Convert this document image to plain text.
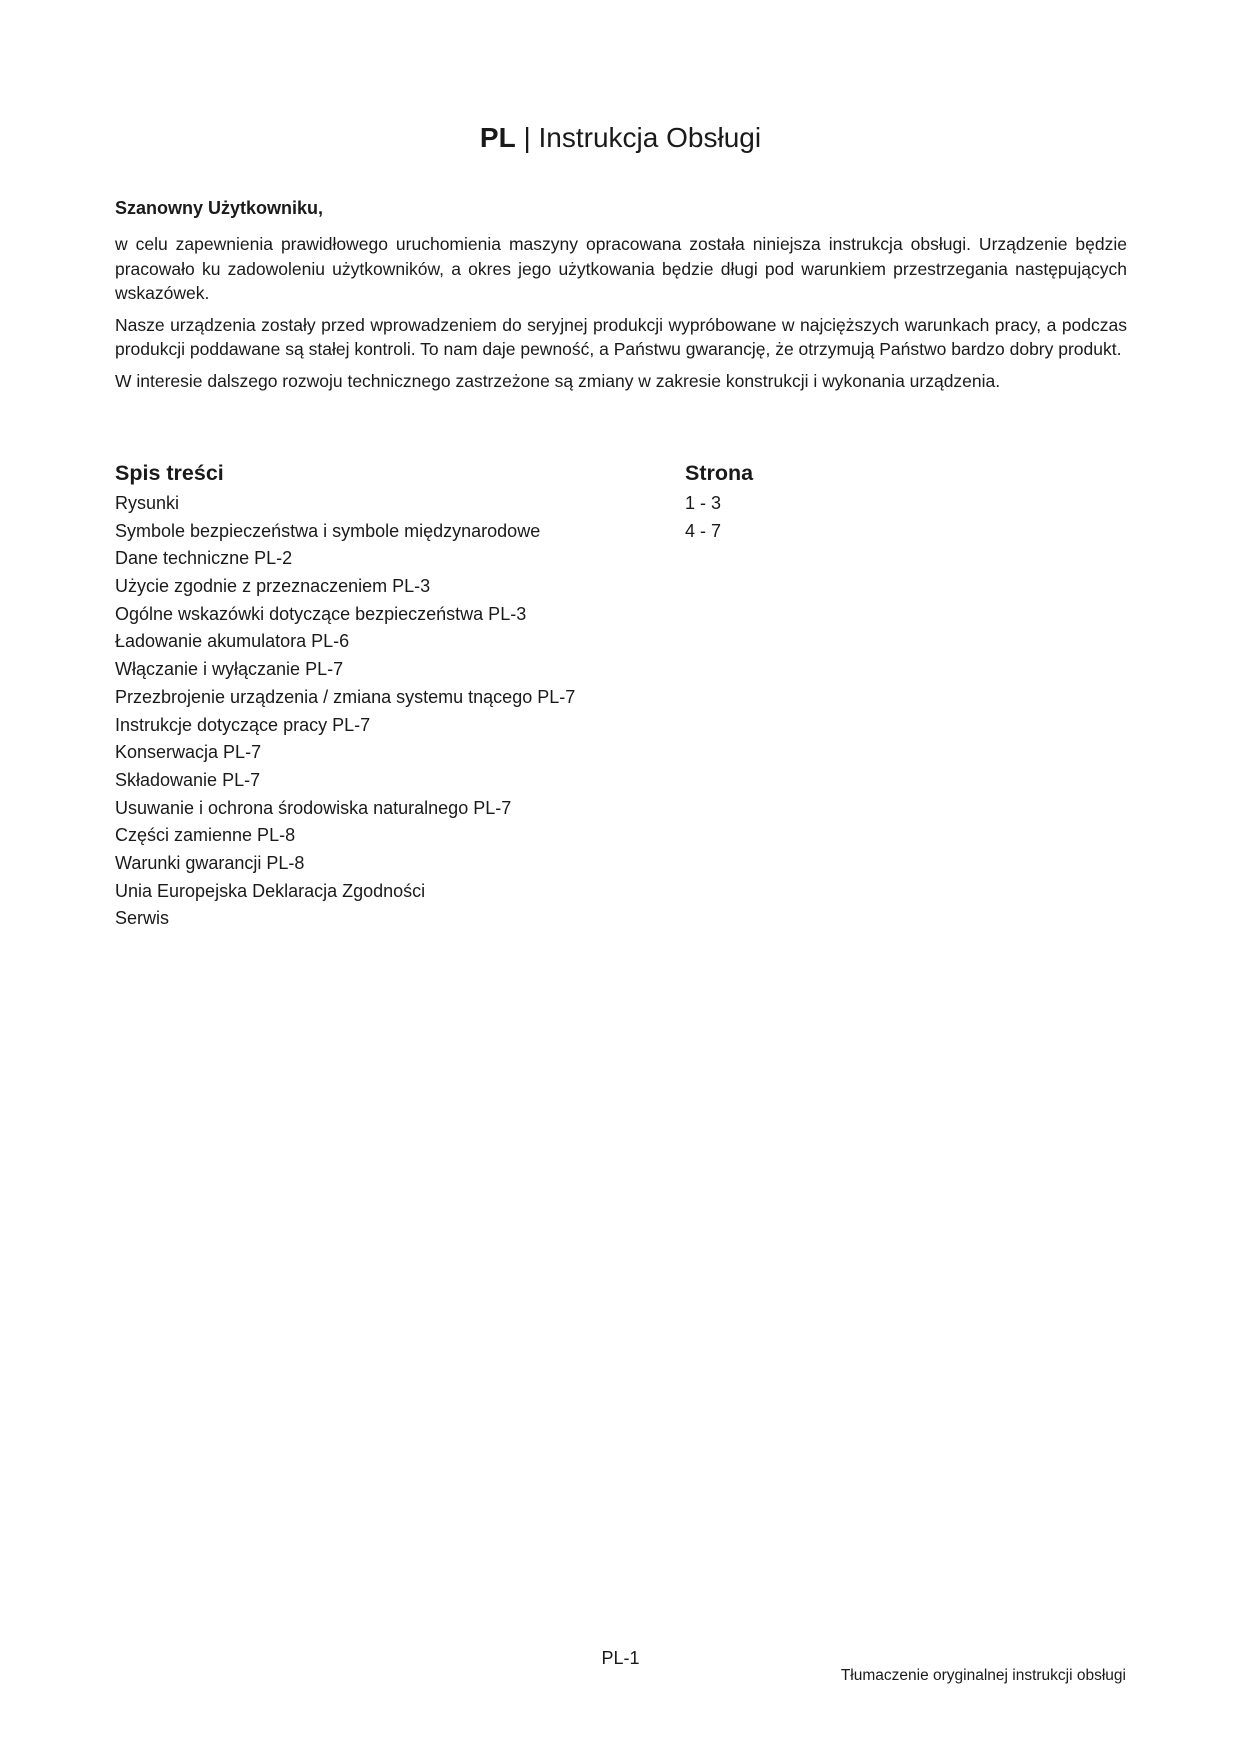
PL | Instrukcja Obsługi

Szanowny Użytkowniku,

w celu zapewnienia prawidłowego uruchomienia maszyny opracowana została niniejsza instrukcja obsługi. Urządzenie będzie pracowało ku zadowoleniu użytkowników, a okres jego użytkowania będzie długi pod warunkiem przestrzegania następujących wskazówek.

Nasze urządzenia zostały przed wprowadzeniem do seryjnej produkcji wypróbowane w najcięższych warunkach pracy, a podczas produkcji poddawane są stałej kontroli. To nam daje pewność, a Państwu gwarancję, że otrzymują Państwo bardzo dobry produkt.

W interesie dalszego rozwoju technicznego zastrzeżone są zmiany w zakresie konstrukcji i wykonania urządzenia.

Spis treści	Strona
Rysunki	1 - 3
Symbole bezpieczeństwa i symbole międzynarodowe	4 - 7
Dane techniczne PL-2
Użycie zgodnie z przeznaczeniem PL-3
Ogólne wskazówki dotyczące bezpieczeństwa PL-3
Ładowanie akumulatora PL-6
Włączanie i wyłączanie PL-7
Przezbrojenie urządzenia / zmiana systemu tnącego PL-7
Instrukcje dotyczące pracy PL-7
Konserwacja PL-7
Składowanie PL-7
Usuwanie i ochrona środowiska naturalnego PL-7
Części zamienne PL-8
Warunki gwarancji PL-8
Unia Europejska Deklaracja Zgodności
Serwis
PL-1
Tłumaczenie oryginalnej instrukcji obsługi
